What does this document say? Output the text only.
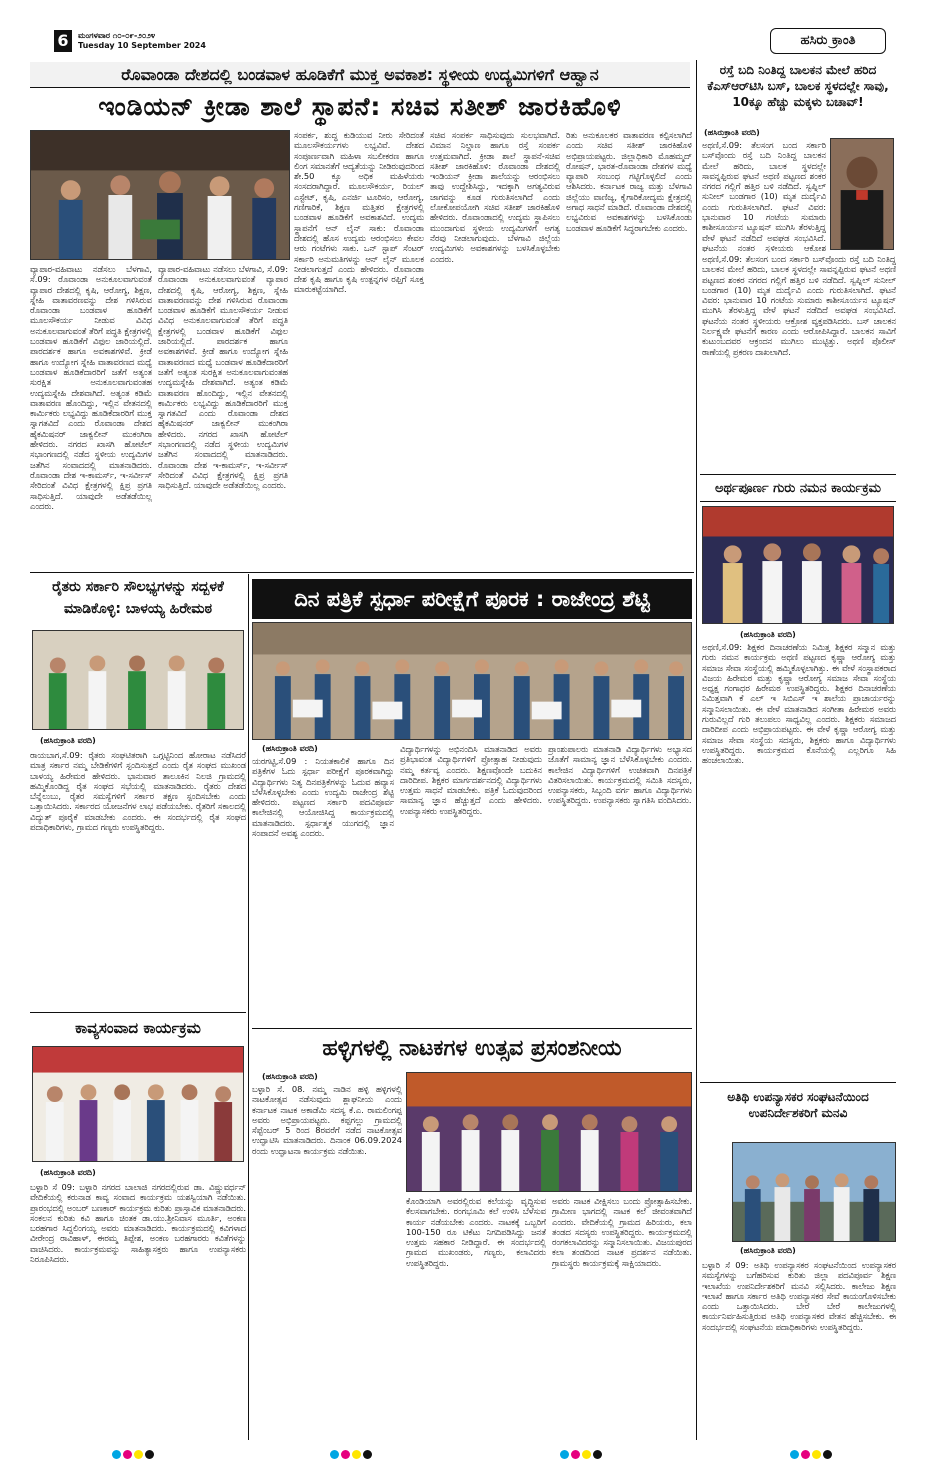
6	ಮಂಗಳವಾರ ೧೦-೦೯-೨೦೨೪
Tuesday 10 September 2024	ಹಸಿರು ಕ್ರಾಂತಿ
ರೊವಾಂಡಾ ದೇಶದಲ್ಲಿ ಬಂಡವಾಳ ಹೂಡಿಕೆಗೆ ಮುಕ್ತ ಅವಕಾಶ: ಸ್ಥಳೀಯ ಉದ್ಯಮಿಗಳಿಗೆ ಆಹ್ವಾನ
ಇಂಡಿಯನ್ ಕ್ರೀಡಾ ಶಾಲೆ ಸ್ಥಾಪನೆ: ಸಚಿವ ಸತೀಶ್ ಜಾರಕಿಹೊಳಿ

ವ್ಯಾಪಾರ-ವಹಿವಾಟು ನಡೆಸಲು ಬೆಳಗಾವಿ, ಸೆ.09: ರೊವಾಂಡಾ ಅನುಕೂಲವಾಗುವಂತೆ ವ್ಯಾಪಾರ ದೇಶದಲ್ಲಿ ಕೃಷಿ, ಆರೋಗ್ಯ, ಶಿಕ್ಷಣ, ಸ್ನೇಹಿ ವಾತಾವರಣವನ್ನು ದೇಶ ಗಳಿಸಿರುವ ರೊವಾಂಡಾ ಬಂಡವಾಳ ಹೂಡಿಕೆಗೆ ಮೂಲಸೌಕರ್ಯ ನೀಡುವ ವಿವಿಧ ಅನುಕೂಲವಾಗುವಂತೆ ತೆರಿಗೆ ಪದ್ಧತಿ ಕ್ಷೇತ್ರಗಳಲ್ಲಿ ಬಂಡವಾಳ ಹೂಡಿಕೆಗೆ ವಿಫುಲ ಜಾರಿಯಲ್ಲಿದೆ. ಪಾರದರ್ಶಕ ಹಾಗೂ ಅವಕಾಶಗಳಿವೆ. ಕ್ರೀಡೆ ಹಾಗೂ ಉದ್ಯೋಗ ಸ್ನೇಹಿ ವಾತಾವರಣದ ಮಧ್ಯೆ ಬಂಡವಾಳ ಹೂಡಿಕೆದಾರರಿಗೆ ಜತೆಗೆ ಅತ್ಯಂತ ಸುರಕ್ಷಿತ ಅನುಕೂಲವಾಗುವಂತಹ ಉದ್ಯಮಸ್ನೇಹಿ ದೇಶವಾಗಿದೆ. ಅತ್ಯಂತ ಕಡಿಮೆ ವಾತಾವರಣ ಹೊಂದಿದ್ದು, ಇಲ್ಲಿನ ವೇತನದಲ್ಲಿ ಕಾರ್ಮಿಕರು ಲಭ್ಯವಿದ್ದು ಹೂಡಿಕೆದಾರರಿಗೆ ಮುಕ್ತ ಸ್ವಾಗತವಿದೆ ಎಂದು ರೊವಾಂಡಾ ದೇಶದ ಹೈಕಮಿಷನರ್ ಜಾಕ್ವಲೀನ್ ಮುಕಂಗಿರಾ ಹೇಳಿದರು. ನಗರದ ಖಾಸಗಿ ಹೋಟೆಲ್ ಸಭಾಂಗಣದಲ್ಲಿ ನಡೆದ ಸ್ಥಳೀಯ ಉದ್ಯಮಿಗಳ ಜತೆಗಿನ ಸಂವಾದದಲ್ಲಿ ಮಾತನಾಡಿದರು. ರೊವಾಂಡಾ ದೇಶ ಇ-ಕಾಮರ್ಸ್, ಇ-ಸರ್ವೀಸ್ ಸೇರಿದಂತೆ ವಿವಿಧ ಕ್ಷೇತ್ರಗಳಲ್ಲಿ ಕ್ಷಿಪ್ರ ಪ್ರಗತಿ ಸಾಧಿಸುತ್ತಿದೆ. ಯಾವುದೇ ಅಡೆತಡೆಯಿಲ್ಲ ಎಂದರು.

ವ್ಯಾಪಾರ-ವಹಿವಾಟು ನಡೆಸಲು ಬೆಳಗಾವಿ, ಸೆ.09: ರೊವಾಂಡಾ ಅನುಕೂಲವಾಗುವಂತೆ ವ್ಯಾಪಾರ ದೇಶದಲ್ಲಿ ಕೃಷಿ, ಆರೋಗ್ಯ, ಶಿಕ್ಷಣ, ಸ್ನೇಹಿ ವಾತಾವರಣವನ್ನು ದೇಶ ಗಳಿಸಿರುವ ರೊವಾಂಡಾ ಬಂಡವಾಳ ಹೂಡಿಕೆಗೆ ಮೂಲಸೌಕರ್ಯ ನೀಡುವ ವಿವಿಧ ಅನುಕೂಲವಾಗುವಂತೆ ತೆರಿಗೆ ಪದ್ಧತಿ ಕ್ಷೇತ್ರಗಳಲ್ಲಿ ಬಂಡವಾಳ ಹೂಡಿಕೆಗೆ ವಿಫುಲ ಜಾರಿಯಲ್ಲಿದೆ. ಪಾರದರ್ಶಕ ಹಾಗೂ ಅವಕಾಶಗಳಿವೆ. ಕ್ರೀಡೆ ಹಾಗೂ ಉದ್ಯೋಗ ಸ್ನೇಹಿ ವಾತಾವರಣದ ಮಧ್ಯೆ ಬಂಡವಾಳ ಹೂಡಿಕೆದಾರರಿಗೆ ಜತೆಗೆ ಅತ್ಯಂತ ಸುರಕ್ಷಿತ ಅನುಕೂಲವಾಗುವಂತಹ ಉದ್ಯಮಸ್ನೇಹಿ ದೇಶವಾಗಿದೆ. ಅತ್ಯಂತ ಕಡಿಮೆ ವಾತಾವರಣ ಹೊಂದಿದ್ದು, ಇಲ್ಲಿನ ವೇತನದಲ್ಲಿ ಕಾರ್ಮಿಕರು ಲಭ್ಯವಿದ್ದು ಹೂಡಿಕೆದಾರರಿಗೆ ಮುಕ್ತ ಸ್ವಾಗತವಿದೆ ಎಂದು ರೊವಾಂಡಾ ದೇಶದ ಹೈಕಮಿಷನರ್ ಜಾಕ್ವಲೀನ್ ಮುಕಂಗಿರಾ ಹೇಳಿದರು. ನಗರದ ಖಾಸಗಿ ಹೋಟೆಲ್ ಸಭಾಂಗಣದಲ್ಲಿ ನಡೆದ ಸ್ಥಳೀಯ ಉದ್ಯಮಿಗಳ ಜತೆಗಿನ ಸಂವಾದದಲ್ಲಿ ಮಾತನಾಡಿದರು. ರೊವಾಂಡಾ ದೇಶ ಇ-ಕಾಮರ್ಸ್, ಇ-ಸರ್ವೀಸ್ ಸೇರಿದಂತೆ ವಿವಿಧ ಕ್ಷೇತ್ರಗಳಲ್ಲಿ ಕ್ಷಿಪ್ರ ಪ್ರಗತಿ ಸಾಧಿಸುತ್ತಿದೆ. ಯಾವುದೇ ಅಡೆತಡೆಯಿಲ್ಲ ಎಂದರು.

ಸಂಪರ್ಕ, ಶುದ್ಧ ಕುಡಿಯುವ ನೀರು ಸೇರಿದಂತೆ ಮೂಲಸೌಕರ್ಯಗಳು ಲಭ್ಯವಿವೆ. ದೇಶದ ಸಂಪೂರ್ಣವಾಗಿ ಮಹಿಳಾ ಸಬಲೀಕರಣ ಹಾಗೂ ಲಿಂಗ ಸಮಾನತೆಗೆ ಆದ್ಯತೆಯನ್ನು ನೀಡಿರುವುದರಿಂದ ಶೇ.50 ಕ್ಕೂ ಅಧಿಕ ಮಹಿಳೆಯರು ಸಂಸದರಾಗಿದ್ದಾರೆ. ಮೂಲಸೌಕರ್ಯ, ರಿಯಲ್ ಎಸ್ಟೇಟ್, ಕೃಷಿ, ಎನರ್ಜಿ ಟೂರಿಸಂ, ಆರೋಗ್ಯ, ಗಣಿಗಾರಿಕೆ, ಶಿಕ್ಷಣ ಮತ್ತಿತರ ಕ್ಷೇತ್ರಗಳಲ್ಲಿ ಬಂಡವಾಳ ಹೂಡಿಕೆಗೆ ಅವಕಾಶವಿದೆ. ಉದ್ಯಮ ಸ್ಥಾಪನೆಗೆ ಆನ್ ಲೈನ್ ಸಾಕು: ರೊವಾಂಡಾ ದೇಶದಲ್ಲಿ ಹೊಸ ಉದ್ಯಮ ಆರಂಭಿಸಲು ಕೇವಲ ಆರು ಗಂಟೆಗಳು ಸಾಕು. ಒನ್ ಸ್ಟಾಪ್ ಸೆಂಟರ್ ಸರ್ಕಾರಿ ಅನುಮತಿಗಳನ್ನು ಆನ್ ಲೈನ್ ಮೂಲಕ ನೀಡಲಾಗುತ್ತದೆ ಎಂದು ಹೇಳಿದರು. ರೊವಾಂಡಾ ದೇಶ ಕೃಷಿ ಹಾಗೂ ಕೃಷಿ ಉತ್ಪನ್ನಗಳ ರಫ್ತಿಗೆ ಸೂಕ್ತ ಮಾರುಕಟ್ಟೆಯಾಗಿದೆ.

ಸಚಿವ ಸಂಪರ್ಕ ಸಾಧಿಸುವುದು ಸುಲಭವಾಗಿದೆ. ವಿಮಾನ ನಿಲ್ದಾಣ ಹಾಗೂ ರಸ್ತೆ ಸಂಪರ್ಕ ಉತ್ತಮವಾಗಿದೆ. ಕ್ರೀಡಾ ಶಾಲೆ ಸ್ಥಾಪನೆ-ಸಚಿವ ಸತೀಶ್ ಜಾರಕಿಹೊಳಿ: ರೊವಾಂಡಾ ದೇಶದಲ್ಲಿ ಇಂಡಿಯನ್ ಕ್ರೀಡಾ ಶಾಲೆಯನ್ನು ಆರಂಭಿಸಲು ತಾವು ಉದ್ದೇಶಿಸಿದ್ದು, ಇದಕ್ಕಾಗಿ ಅಗತ್ಯವಿರುವ ಜಾಗವನ್ನು ಕೂಡ ಗುರುತಿಸಲಾಗಿದೆ ಎಂದು ಲೋಕೋಪಯೋಗಿ ಸಚಿವ ಸತೀಶ್ ಜಾರಕಿಹೊಳಿ ಹೇಳಿದರು. ರೊವಾಂಡಾದಲ್ಲಿ ಉದ್ಯಮ ಸ್ಥಾಪಿಸಲು ಮುಂದಾಗುವ ಸ್ಥಳೀಯ ಉದ್ಯಮಿಗಳಿಗೆ ಅಗತ್ಯ ನೆರವು ನೀಡಲಾಗುವುದು. ಬೆಳಗಾವಿ ಜಿಲ್ಲೆಯ ಉದ್ಯಮಿಗಳು ಅವಕಾಶಗಳನ್ನು ಬಳಸಿಕೊಳ್ಳಬೇಕು ಎಂದರು.

ರಿತು ಅನುಕೂಲಕರ ವಾತಾವರಣ ಕಲ್ಪಿಸಲಾಗಿದೆ ಎಂದು ಸಚಿವ ಸತೀಶ್ ಜಾರಕಿಹೊಳಿ ಅಭಿಪ್ರಾಯಪಟ್ಟರು. ಜಿಲ್ಲಾಧಿಕಾರಿ ಮೊಹಮ್ಮದ್ ರೋಷನ್, ಭಾರತ-ರೊವಾಂಡಾ ದೇಶಗಳ ಮಧ್ಯೆ ವ್ಯಾಪಾರಿ ಸಂಬಂಧ ಗಟ್ಟಿಗೊಳ್ಳಲಿದೆ ಎಂದು ಆಶಿಸಿದರು. ಕರ್ನಾಟಕ ರಾಜ್ಯ ಮತ್ತು ಬೆಳಗಾವಿ ಜಿಲ್ಲೆಯು ವಾಣಿಜ್ಯ, ಕೈಗಾರಿಕೋದ್ಯಮ ಕ್ಷೇತ್ರದಲ್ಲಿ ಅಗಾಧ ಸಾಧನೆ ಮಾಡಿದೆ. ರೊವಾಂಡಾ ದೇಶದಲ್ಲಿ ಲಭ್ಯವಿರುವ ಅವಕಾಶಗಳನ್ನು ಬಳಸಿಕೊಂಡು ಬಂಡವಾಳ ಹೂಡಿಕೆಗೆ ಸಿದ್ಧರಾಗಬೇಕು ಎಂದರು.

ರಸ್ತೆ ಬದಿ ನಿಂತಿದ್ದ ಬಾಲಕನ ಮೇಲೆ ಹರಿದ ಕೆಎಸ್ಆರ್‌ಟಿಸಿ ಬಸ್, ಬಾಲಕ ಸ್ಥಳದಲ್ಲೇ ಸಾವು, 10ಕ್ಕೂ ಹೆಚ್ಚು ಮಕ್ಕಳು ಬಚಾವ್!
(ಹಸಿರುಕ್ರಾಂತಿ ವರದಿ)

ಅಥಣಿ,ಸೆ.09: ತೆಲಸಂಗ ಬಂದ ಸರ್ಕಾರಿ ಬಸ್‌ವೊಂದು ರಸ್ತೆ ಬದಿ ನಿಂತಿದ್ದ ಬಾಲಕನ ಮೇಲೆ ಹರಿದು, ಬಾಲಕ ಸ್ಥಳದಲ್ಲೇ ಸಾವನ್ನಪ್ಪಿರುವ ಘಟನೆ ಅಥಣಿ ಪಟ್ಟಣದ ಶಂಕರ ನಗರದ ಗಲ್ಲಿಗೆ ಹತ್ತಿರ ಬಳಿ ನಡೆದಿದೆ. ಸ್ವಪ್ನಿಲ್ ಸುನೀಲ್ ಬಂಡಗಾರ (10) ಮೃತ ದುರ್ದೈವಿ ಎಂದು ಗುರುತಿಸಲಾಗಿದೆ. ಘಟನೆ ವಿವರ: ಭಾನುವಾರ 10 ಗಂಟೆಯ ಸುಮಾರು ಕಾಶೀಸೂರ್ಯನ ಟ್ಯೂಷನ್ ಮುಗಿಸಿ ತೆರಳುತ್ತಿದ್ದ ವೇಳೆ ಘಟನೆ ನಡೆದಿದೆ ಅವಘಡ ಸಂಭವಿಸಿದೆ. ಘಟನೆಯ ನಂತರ ಸ್ಥಳೀಯರು ಆಕ್ರೋಶ

ಅಥಣಿ,ಸೆ.09: ತೆಲಸಂಗ ಬಂದ ಸರ್ಕಾರಿ ಬಸ್‌ವೊಂದು ರಸ್ತೆ ಬದಿ ನಿಂತಿದ್ದ ಬಾಲಕನ ಮೇಲೆ ಹರಿದು, ಬಾಲಕ ಸ್ಥಳದಲ್ಲೇ ಸಾವನ್ನಪ್ಪಿರುವ ಘಟನೆ ಅಥಣಿ ಪಟ್ಟಣದ ಶಂಕರ ನಗರದ ಗಲ್ಲಿಗೆ ಹತ್ತಿರ ಬಳಿ ನಡೆದಿದೆ. ಸ್ವಪ್ನಿಲ್ ಸುನೀಲ್ ಬಂಡಗಾರ (10) ಮೃತ ದುರ್ದೈವಿ ಎಂದು ಗುರುತಿಸಲಾಗಿದೆ. ಘಟನೆ ವಿವರ: ಭಾನುವಾರ 10 ಗಂಟೆಯ ಸುಮಾರು ಕಾಶೀಸೂರ್ಯನ ಟ್ಯೂಷನ್ ಮುಗಿಸಿ ತೆರಳುತ್ತಿದ್ದ ವೇಳೆ ಘಟನೆ ನಡೆದಿದೆ ಅವಘಡ ಸಂಭವಿಸಿದೆ. ಘಟನೆಯ ನಂತರ ಸ್ಥಳೀಯರು ಆಕ್ರೋಶ ವ್ಯಕ್ತಪಡಿಸಿದರು. ಬಸ್ ಚಾಲಕನ ನಿರ್ಲಕ್ಷ್ಯವೇ ಘಟನೆಗೆ ಕಾರಣ ಎಂದು ಆರೋಪಿಸಿದ್ದಾರೆ. ಬಾಲಕನ ಸಾವಿಗೆ ಕುಟುಂಬದವರ ಆಕ್ರಂದನ ಮುಗಿಲು ಮುಟ್ಟಿತ್ತು. ಅಥಣಿ ಪೊಲೀಸ್ ಠಾಣೆಯಲ್ಲಿ ಪ್ರಕರಣ ದಾಖಲಾಗಿದೆ.

ಅರ್ಥಪೂರ್ಣ ಗುರು ನಮನ ಕಾರ್ಯಕ್ರಮ
(ಹಸಿರುಕ್ರಾಂತಿ ವರದಿ)

ಅಥಣಿ,ಸೆ.09: ಶಿಕ್ಷಕರ ದಿನಾಚರಣೆಯ ನಿಮಿತ್ತ ಶಿಕ್ಷಕರ ಸನ್ಮಾನ ಮತ್ತು ಗುರು ನಮನ ಕಾರ್ಯಕ್ರಮ ಅಥಣಿ ಪಟ್ಟಣದ ಕೃಷ್ಣಾ ಆರೋಗ್ಯ ಮತ್ತು ಸಮಾಜ ಸೇವಾ ಸಂಸ್ಥೆಯಲ್ಲಿ ಹಮ್ಮಿಕೊಳ್ಳಲಾಗಿತ್ತು. ಈ ವೇಳೆ ಸಂಸ್ಥಾಪಕರಾದ ವಿಜಯ ಹಿರೇಮಠ ಮತ್ತು ಕೃಷ್ಣಾ ಆರೋಗ್ಯ ಸಮಾಜ ಸೇವಾ ಸಂಸ್ಥೆಯ ಅಧ್ಯಕ್ಷ ಗಂಗಾಧರ ಹಿರೇಮಠ ಉಪಸ್ಥಿತರಿದ್ದರು. ಶಿಕ್ಷಕರ ದಿನಾಚರಣೆಯ ನಿಮಿತ್ತವಾಗಿ ಕೆ ಎಲ್ ಇ ಸಿಬಿಎಸ್ ಇ ಶಾಲೆಯ ಪ್ರಾಚಾರ್ಯರನ್ನು ಸನ್ಮಾನಿಸಲಾಯಿತು. ಈ ವೇಳೆ ಮಾತನಾಡಿದ ಸಂಗೀತಾ ಹಿರೇಮಠ ಅವರು ಗುರುವಿಲ್ಲದೆ ಗುರಿ ತಲುಪಲು ಸಾಧ್ಯವಿಲ್ಲ ಎಂದರು. ಶಿಕ್ಷಕರು ಸಮಾಜದ ದಾರಿದೀಪ ಎಂದು ಅಭಿಪ್ರಾಯಪಟ್ಟರು. ಈ ವೇಳೆ ಕೃಷ್ಣಾ ಆರೋಗ್ಯ ಮತ್ತು ಸಮಾಜ ಸೇವಾ ಸಂಸ್ಥೆಯ ಸದಸ್ಯರು, ಶಿಕ್ಷಕರು ಹಾಗೂ ವಿದ್ಯಾರ್ಥಿಗಳು ಉಪಸ್ಥಿತರಿದ್ದರು. ಕಾರ್ಯಕ್ರಮದ ಕೊನೆಯಲ್ಲಿ ಎಲ್ಲರಿಗೂ ಸಿಹಿ ಹಂಚಲಾಯಿತು.

ಅತಿಥಿ ಉಪನ್ಯಾಸಕರ ಸಂಘಟನೆಯಿಂದ ಉಪನಿರ್ದೇಶಕರಿಗೆ ಮನವಿ
(ಹಸಿರುಕ್ರಾಂತಿ ವರದಿ)

ಬಳ್ಳಾರಿ ಸೆ 09: ಅತಿಥಿ ಉಪನ್ಯಾಸಕರ ಸಂಘಟನೆಯಿಂದ ಉಪನ್ಯಾಸಕರ ಸಮಸ್ಯೆಗಳನ್ನು ಬಗೆಹರಿಸುವ ಕುರಿತು ಜಿಲ್ಲಾ ಪದವಿಪೂರ್ವ ಶಿಕ್ಷಣ ಇಲಾಖೆಯ ಉಪನಿರ್ದೇಶಕರಿಗೆ ಮನವಿ ಸಲ್ಲಿಸಿದರು. ಕಾಲೇಜು ಶಿಕ್ಷಣ ಇಲಾಖೆ ಹಾಗೂ ಸರ್ಕಾರ ಅತಿಥಿ ಉಪನ್ಯಾಸಕರ ಸೇವೆ ಕಾಯಂಗೊಳಿಸಬೇಕು ಎಂದು ಒತ್ತಾಯಿಸಿದರು. ಬೇರೆ ಬೇರೆ ಕಾಲೇಜುಗಳಲ್ಲಿ ಕಾರ್ಯನಿರ್ವಹಿಸುತ್ತಿರುವ ಅತಿಥಿ ಉಪನ್ಯಾಸಕರ ವೇತನ ಹೆಚ್ಚಿಸಬೇಕು. ಈ ಸಂದರ್ಭದಲ್ಲಿ ಸಂಘಟನೆಯ ಪದಾಧಿಕಾರಿಗಳು ಉಪಸ್ಥಿತರಿದ್ದರು.

ರೈತರು ಸರ್ಕಾರಿ ಸೌಲಭ್ಯಗಳನ್ನು ಸದ್ಬಳಕೆ ಮಾಡಿಕೊಳ್ಳಿ: ಬಾಳಯ್ಯ ಹಿರೇಮಠ
(ಹಸಿರುಕ್ರಾಂತಿ ವರದಿ)

ರಾಯಬಾಗ,ಸೆ.09: ರೈತರು ಸಂಘಟಿತರಾಗಿ ಒಗ್ಗಟ್ಟಿನಿಂದ ಹೋರಾಟ ನಡೆಸಿದರೆ ಮಾತ್ರ ಸರ್ಕಾರ ನಮ್ಮ ಬೇಡಿಕೆಗಳಿಗೆ ಸ್ಪಂದಿಸುತ್ತದೆ ಎಂದು ರೈತ ಸಂಘದ ಮುಖಂಡ ಬಾಳಯ್ಯ ಹಿರೇಮಠ ಹೇಳಿದರು. ಭಾನುವಾರ ತಾಲೂಕಿನ ನಿಲಜಿ ಗ್ರಾಮದಲ್ಲಿ ಹಮ್ಮಿಕೊಂಡಿದ್ದ ರೈತ ಸಂಘದ ಸಭೆಯಲ್ಲಿ ಮಾತನಾಡಿದರು. ರೈತರು ದೇಶದ ಬೆನ್ನೆಲುಬು, ರೈತರ ಸಮಸ್ಯೆಗಳಿಗೆ ಸರ್ಕಾರ ತಕ್ಷಣ ಸ್ಪಂದಿಸಬೇಕು ಎಂದು ಒತ್ತಾಯಿಸಿದರು. ಸರ್ಕಾರದ ಯೋಜನೆಗಳ ಲಾಭ ಪಡೆಯಬೇಕು. ರೈತರಿಗೆ ಸಕಾಲದಲ್ಲಿ ವಿದ್ಯುತ್ ಪೂರೈಕೆ ಮಾಡಬೇಕು ಎಂದರು. ಈ ಸಂದರ್ಭದಲ್ಲಿ ರೈತ ಸಂಘದ ಪದಾಧಿಕಾರಿಗಳು, ಗ್ರಾಮದ ಗಣ್ಯರು ಉಪಸ್ಥಿತರಿದ್ದರು.

ಕಾವ್ಯಸಂವಾದ ಕಾರ್ಯಕ್ರಮ
(ಹಸಿರುಕ್ರಾಂತಿ ವರದಿ)

ಬಳ್ಳಾರಿ ಸೆ 09: ಬಳ್ಳಾರಿ ನಗರದ ಬಾಲಾಜಿ ನಗರದಲ್ಲಿರುವ ಡಾ. ವಿಷ್ಣುವರ್ಧನ್ ವೇದಿಕೆಯಲ್ಲಿ ಕರುನಾಡ ಕಾವ್ಯ ಸಂವಾದ ಕಾರ್ಯಕ್ರಮ ಯಶಸ್ವಿಯಾಗಿ ನಡೆಯಿತು. ಪ್ರಾರಂಭದಲ್ಲಿ ಅಂಬರ್ ಬಣಕಾರ್ ಕಾರ್ಯಕ್ರಮ ಕುರಿತು ಪ್ರಾಸ್ತಾವಿಕ ಮಾತನಾಡಿದರು. ಸಂಕಲನ ಕುರಿತು ಕವಿ ಹಾಗೂ ಚಿಂತಕ ಡಾ.ಯು.ಶ್ರೀನಿವಾಸ ಮೂರ್ತಿ, ಅಂಕಣ ಬರಹಗಾರ ಸಿದ್ದಲಿಂಗಯ್ಯ ಅವರು ಮಾತನಾಡಿದರು. ಕಾರ್ಯಕ್ರಮದಲ್ಲಿ ಕವಿಗಳಾದ ವೀರೇಂದ್ರ ರಾವಿಹಾಳ್, ಈರಮ್ಮ ತಿಪ್ಪೇಶ, ಅಂಕಣ ಬರಹಗಾರರು ಕವಿತೆಗಳನ್ನು ವಾಚಿಸಿದರು. ಕಾರ್ಯಕ್ರಮವನ್ನು ಸಾಹಿತ್ಯಾಸಕ್ತರು ಹಾಗೂ ಉಪನ್ಯಾಸಕರು ನಿರೂಪಿಸಿದರು.

ದಿನ ಪತ್ರಿಕೆ ಸ್ಪರ್ಧಾ ಪರೀಕ್ಷೆಗೆ ಪೂರಕ : ರಾಜೇಂದ್ರ ಶೆಟ್ಟಿ
(ಹಸಿರುಕ್ರಾಂತಿ ವರದಿ)

ಯರಗಟ್ಟಿ,ಸೆ.09 : ನಿಯತಕಾಲಿಕೆ ಹಾಗೂ ದಿನ ಪತ್ರಿಕೆಗಳ ಓದು ಸ್ಪರ್ಧಾ ಪರೀಕ್ಷೆಗೆ ಪೂರಕವಾಗಿದ್ದು ವಿದ್ಯಾರ್ಥಿಗಳು ನಿತ್ಯ ದಿನಪತ್ರಿಕೆಗಳನ್ನು ಓದುವ ಹವ್ಯಾಸ ಬೆಳೆಸಿಕೊಳ್ಳಬೇಕು ಎಂದು ಉದ್ಯಮಿ ರಾಜೇಂದ್ರ ಶೆಟ್ಟಿ ಹೇಳಿದರು. ಪಟ್ಟಣದ ಸರ್ಕಾರಿ ಪದವಿಪೂರ್ವ ಕಾಲೇಜಿನಲ್ಲಿ ಆಯೋಜಿಸಿದ್ದ ಕಾರ್ಯಕ್ರಮದಲ್ಲಿ ಮಾತನಾಡಿದರು. ಸ್ಪರ್ಧಾತ್ಮಕ ಯುಗದಲ್ಲಿ ಜ್ಞಾನ ಸಂಪಾದನೆ ಅವಶ್ಯ ಎಂದರು.

ವಿದ್ಯಾರ್ಥಿಗಳನ್ನು ಅಭಿನಂದಿಸಿ ಮಾತನಾಡಿದ ಅವರು ಪ್ರತಿಭಾವಂತ ವಿದ್ಯಾರ್ಥಿಗಳಿಗೆ ಪ್ರೋತ್ಸಾಹ ನೀಡುವುದು ನಮ್ಮ ಕರ್ತವ್ಯ ಎಂದರು. ಶಿಕ್ಷಣವೊಂದೇ ಬದುಕಿನ ದಾರಿದೀಪ. ಶಿಕ್ಷಕರ ಮಾರ್ಗದರ್ಶನದಲ್ಲಿ ವಿದ್ಯಾರ್ಥಿಗಳು ಉತ್ತಮ ಸಾಧನೆ ಮಾಡಬೇಕು. ಪತ್ರಿಕೆ ಓದುವುದರಿಂದ ಸಾಮಾನ್ಯ ಜ್ಞಾನ ಹೆಚ್ಚುತ್ತದೆ ಎಂದು ಹೇಳಿದರು. ಉಪನ್ಯಾಸಕರು ಉಪಸ್ಥಿತರಿದ್ದರು.

ಪ್ರಾಂಶುಪಾಲರು ಮಾತನಾಡಿ ವಿದ್ಯಾರ್ಥಿಗಳು ಅಭ್ಯಾಸದ ಜೊತೆಗೆ ಸಾಮಾನ್ಯ ಜ್ಞಾನ ಬೆಳೆಸಿಕೊಳ್ಳಬೇಕು ಎಂದರು. ಕಾಲೇಜಿನ ವಿದ್ಯಾರ್ಥಿಗಳಿಗೆ ಉಚಿತವಾಗಿ ದಿನಪತ್ರಿಕೆ ವಿತರಿಸಲಾಯಿತು. ಕಾರ್ಯಕ್ರಮದಲ್ಲಿ ಸಮಿತಿ ಸದಸ್ಯರು, ಉಪನ್ಯಾಸಕರು, ಸಿಬ್ಬಂದಿ ವರ್ಗ ಹಾಗೂ ವಿದ್ಯಾರ್ಥಿಗಳು ಉಪಸ್ಥಿತರಿದ್ದರು. ಉಪನ್ಯಾಸಕರು ಸ್ವಾಗತಿಸಿ ವಂದಿಸಿದರು.

ಹಳ್ಳಿಗಳಲ್ಲಿ ನಾಟಕಗಳ ಉತ್ಸವ ಪ್ರಸಂಶನೀಯ
(ಹಸಿರುಕ್ರಾಂತಿ ವರದಿ)

ಬಳ್ಳಾರಿ ಸೆ. 08. ನಮ್ಮ ನಾಡಿನ ಹಳ್ಳಿ ಹಳ್ಳಿಗಳಲ್ಲಿ ನಾಟಕೋತ್ಸವ ನಡೆಸುವುದು ಶ್ಲಾಘನೀಯ ಎಂದು ಕರ್ನಾಟಕ ನಾಟಕ ಅಕಾಡೆಮಿ ಸದಸ್ಯ ಕೆ.ಎ. ರಾಮಲಿಂಗಪ್ಪ ಅವರು ಅಭಿಪ್ರಾಯಪಟ್ಟರು. ಕಪ್ಪಗಲ್ಲು ಗ್ರಾಮದಲ್ಲಿ ಸೆಪ್ಟೆಂಬರ್ 5 ರಿಂದ 8ರವರೆಗೆ ನಡೆದ ನಾಟಕೋತ್ಸವ ಉದ್ಘಾಟಿಸಿ ಮಾತನಾಡಿದರು. ದಿನಾಂಕ 06.09.2024 ರಂದು ಉದ್ಘಾಟನಾ ಕಾರ್ಯಕ್ರಮ ನಡೆಯಿತು.

ಕೊಂಡಿಯಾಗಿ ಅವರಲ್ಲಿರುವ ಕಲೆಯನ್ನು ವೃದ್ಧಿಸುವ ಕೆಲಸವಾಗಬೇಕು. ರಂಗಭೂಮಿ ಕಲೆ ಉಳಿಸಿ ಬೆಳೆಸುವ ಕಾರ್ಯ ನಡೆಯಬೇಕು ಎಂದರು. ನಾಟಕಕ್ಕೆ ಒಬ್ಬರಿಗೆ 100-150 ರೂ ಟಿಕೆಟು ನಿಗದಿಪಡಿಸಿದ್ದು ಜನತೆ ಉತ್ತಮ ಸಹಕಾರ ನೀಡಿದ್ದಾರೆ. ಈ ಸಂದರ್ಭದಲ್ಲಿ ಗ್ರಾಮದ ಮುಖಂಡರು, ಗಣ್ಯರು, ಕಲಾವಿದರು ಉಪಸ್ಥಿತರಿದ್ದರು.

ಅವರು ನಾಟಕ ವೀಕ್ಷಿಸಲು ಬಂದು ಪ್ರೋತ್ಸಾಹಿಸಬೇಕು. ಗ್ರಾಮೀಣ ಭಾಗದಲ್ಲಿ ನಾಟಕ ಕಲೆ ಜೀವಂತವಾಗಿದೆ ಎಂದರು. ವೇದಿಕೆಯಲ್ಲಿ ಗ್ರಾಮದ ಹಿರಿಯರು, ಕಲಾ ತಂಡದ ಸದಸ್ಯರು ಉಪಸ್ಥಿತರಿದ್ದರು. ಕಾರ್ಯಕ್ರಮದಲ್ಲಿ ರಂಗಕಲಾವಿದರನ್ನು ಸನ್ಮಾನಿಸಲಾಯಿತು. ವಿಜಯಪುರದ ಕಲಾ ತಂಡದಿಂದ ನಾಟಕ ಪ್ರದರ್ಶನ ನಡೆಯಿತು. ಗ್ರಾಮಸ್ಥರು ಕಾರ್ಯಕ್ರಮಕ್ಕೆ ಸಾಕ್ಷಿಯಾದರು.
